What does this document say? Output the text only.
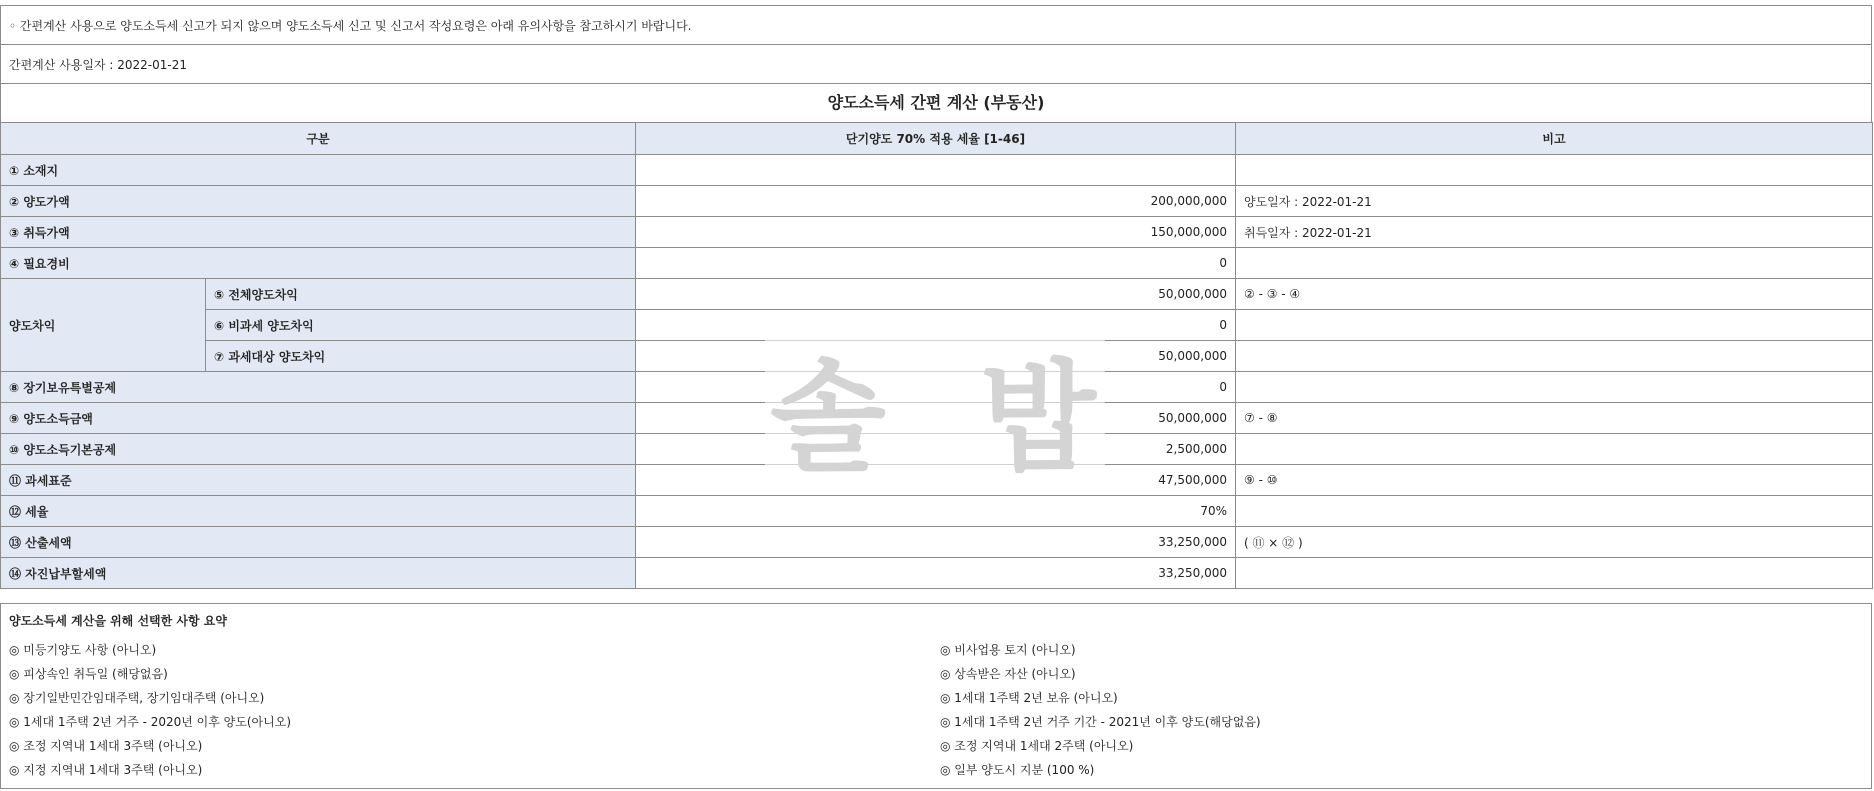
◦ 간편계산 사용으로 양도소득세 신고가 되지 않으며 양도소득세 신고 및 신고서 작성요령은 아래 유의사항을 참고하시기 바랍니다.
간편계산 사용일자 : 2022-01-21
양도소득세 간편 계산 (부동산)
구분		단기양도 70% 적용 세율 [1-46]	비고
① 소재지			
② 양도가액		200,000,000	양도일자 : 2022-01-21
③ 취득가액		150,000,000	취득일자 : 2022-01-21
④ 필요경비		0	
양도차익	⑤ 전체양도차익	50,000,000	② - ③ - ④
	⑥ 비과세 양도차익	0	
	⑦ 과세대상 양도차익	50,000,000	
⑧ 장기보유특별공제		0	
⑨ 양도소득금액		50,000,000	⑦ - ⑧
⑩ 양도소득기본공제		2,500,000	
⑪ 과세표준		47,500,000	⑨ - ⑩
⑫ 세율		70%	
⑬ 산출세액		33,250,000	( ⑪ × ⑫ )
⑭ 자진납부할세액		33,250,000	
솔 밥
양도소득세 계산을 위해 선택한 사항 요약
◎ 미등기양도 사항 (아니오)	◎ 비사업용 토지 (아니오)
◎ 피상속인 취득일 (해당없음)	◎ 상속받은 자산 (아니오)
◎ 장기일반민간임대주택, 장기임대주택 (아니오)	◎ 1세대 1주택 2년 보유 (아니오)
◎ 1세대 1주택 2년 거주 - 2020년 이후 양도(아니오)	◎ 1세대 1주택 2년 거주 기간 - 2021년 이후 양도(해당없음)
◎ 조정 지역내 1세대 3주택 (아니오)	◎ 조정 지역내 1세대 2주택 (아니오)
◎ 지정 지역내 1세대 3주택 (아니오)	◎ 일부 양도시 지분 (100 %)
